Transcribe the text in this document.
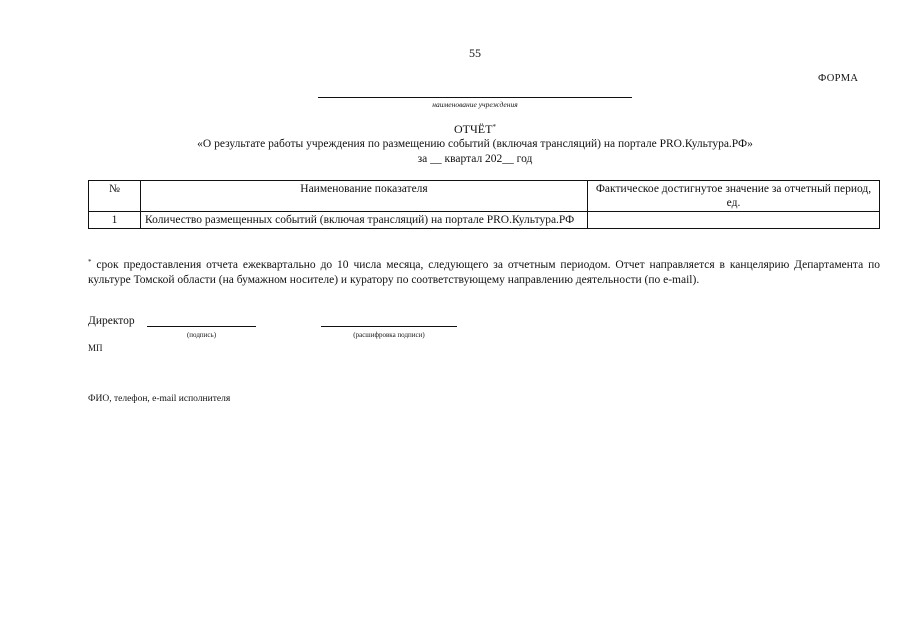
55
ФОРМА
наименование учреждения
ОТЧЁТ*
«О результате работы учреждения по размещению событий (включая трансляций) на портале PRO.Культура.РФ»
за __ квартал 202__ год
№	Наименование показателя	Фактическое достигнутое значение за отчетный период, ед.
1	Количество размещенных событий (включая трансляций) на портале PRO.Культура.РФ	
* срок предоставления отчета ежеквартально до 10 числа месяца, следующего за отчетным периодом. Отчет направляется в канцелярию Департамента по культуре Томской области (на бумажном носителе) и куратору по соответствующему направлению деятельности (по e-mail).
Директор
(подпись)	(расшифровка подписи)
МП
ФИО, телефон, e-mail исполнителя
